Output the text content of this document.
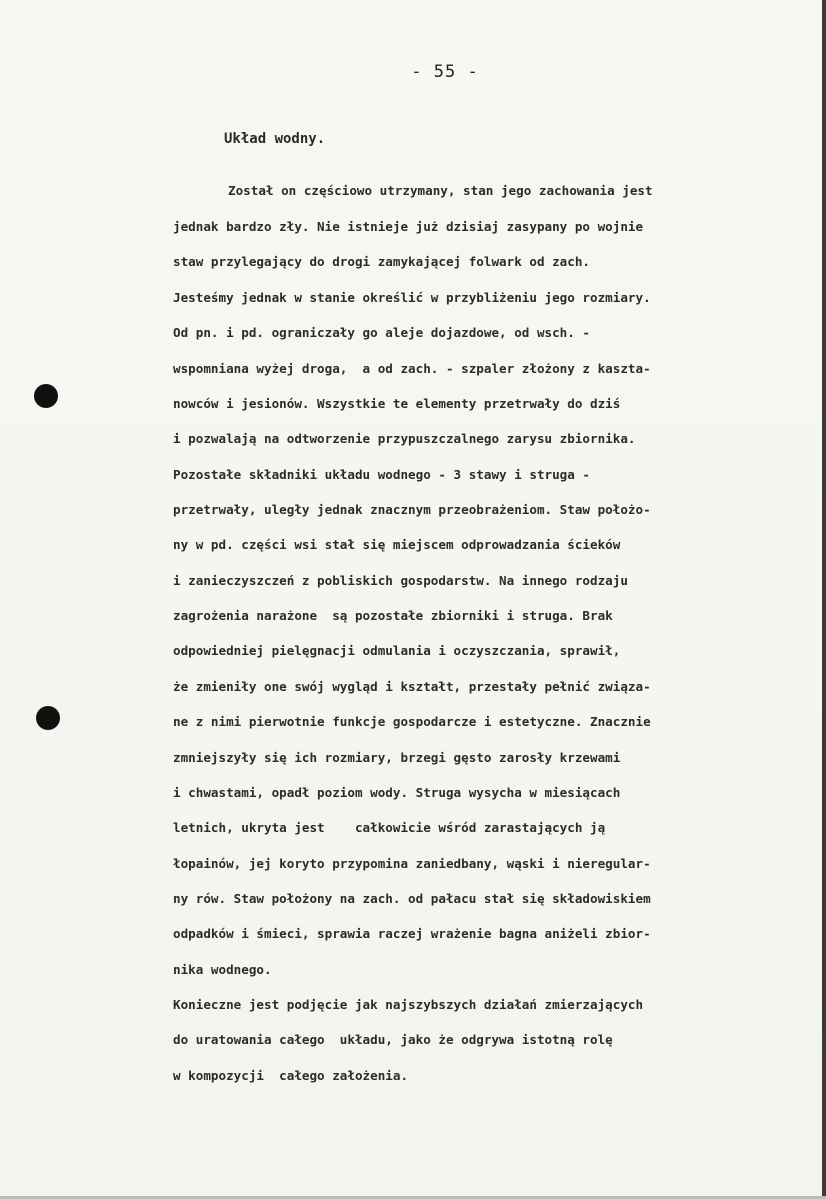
- 55 -
Układ wodny.
Został on częściowo utrzymany, stan jego zachowania jest
jednak bardzo zły. Nie istnieje już dzisiaj zasypany po wojnie
staw przylegający do drogi zamykającej folwark od zach.
Jesteśmy jednak w stanie określić w przybliżeniu jego rozmiary.
Od pn. i pd. ograniczały go aleje dojazdowe, od wsch. -
wspomniana wyżej droga,  a od zach. - szpaler złożony z kaszta-
nowców i jesionów. Wszystkie te elementy przetrwały do dziś
i pozwalają na odtworzenie przypuszczalnego zarysu zbiornika.
Pozostałe składniki układu wodnego - 3 stawy i struga -
przetrwały, uległy jednak znacznym przeobrażeniom. Staw położo-
ny w pd. części wsi stał się miejscem odprowadzania ścieków
i zanieczyszczeń z pobliskich gospodarstw. Na innego rodzaju
zagrożenia narażone  są pozostałe zbiorniki i struga. Brak
odpowiedniej pielęgnacji odmulania i oczyszczania, sprawił,
że zmieniły one swój wygląd i kształt, przestały pełnić związa-
ne z nimi pierwotnie funkcje gospodarcze i estetyczne. Znacznie
zmniejszyły się ich rozmiary, brzegi gęsto zarosły krzewami
i chwastami, opadł poziom wody. Struga wysycha w miesiącach
letnich, ukryta jest    całkowicie wśród zarastających ją
łopainów, jej koryto przypomina zaniedbany, wąski i nieregular-
ny rów. Staw położony na zach. od pałacu stał się składowiskiem
odpadków i śmieci, sprawia raczej wrażenie bagna aniżeli zbior-
nika wodnego.
Konieczne jest podjęcie jak najszybszych działań zmierzających
do uratowania całego  układu, jako że odgrywa istotną rolę
w kompozycji  całego założenia.
